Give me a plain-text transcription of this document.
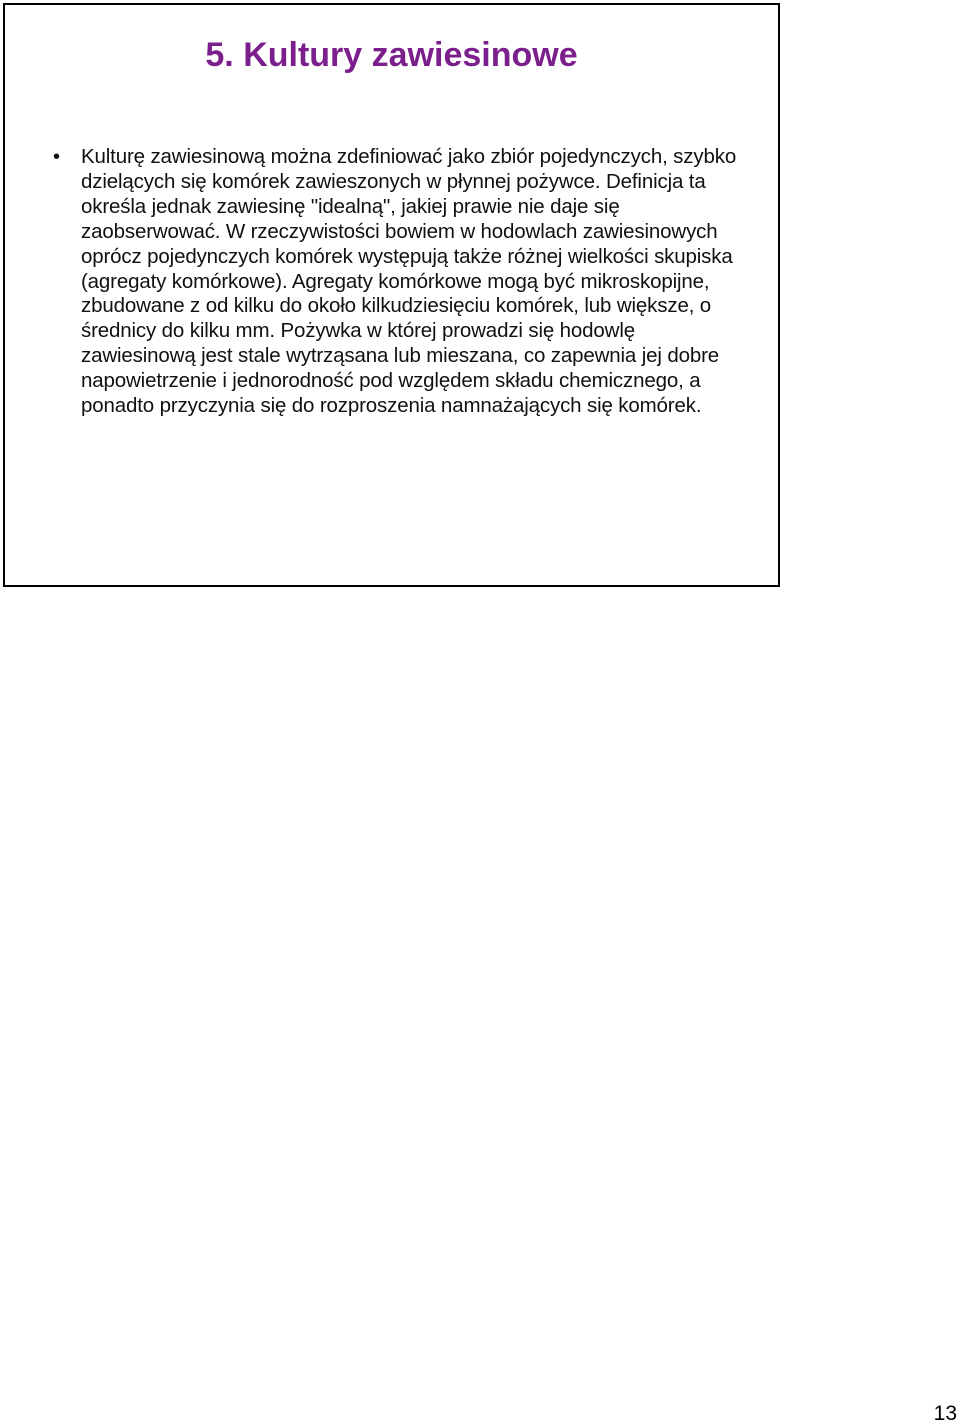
5. Kultury zawiesinowe
• Kulturę zawiesinową można zdefiniować jako zbiór pojedynczych, szybko dzielących się komórek zawieszonych w płynnej pożywce. Definicja ta określa jednak zawiesinę "idealną", jakiej prawie nie daje się zaobserwować. W rzeczywistości bowiem w hodowlach zawiesinowych oprócz pojedynczych komórek występują także różnej wielkości skupiska (agregaty komórkowe). Agregaty komórkowe mogą być mikroskopijne, zbudowane z od kilku do około kilkudziesięciu komórek, lub większe, o średnicy do kilku mm. Pożywka w której prowadzi się hodowlę zawiesinową jest stale wytrząsana lub mieszana, co zapewnia jej dobre napowietrzenie i jednorodność pod względem składu chemicznego, a ponadto przyczynia się do rozproszenia namnażających się komórek.
13
